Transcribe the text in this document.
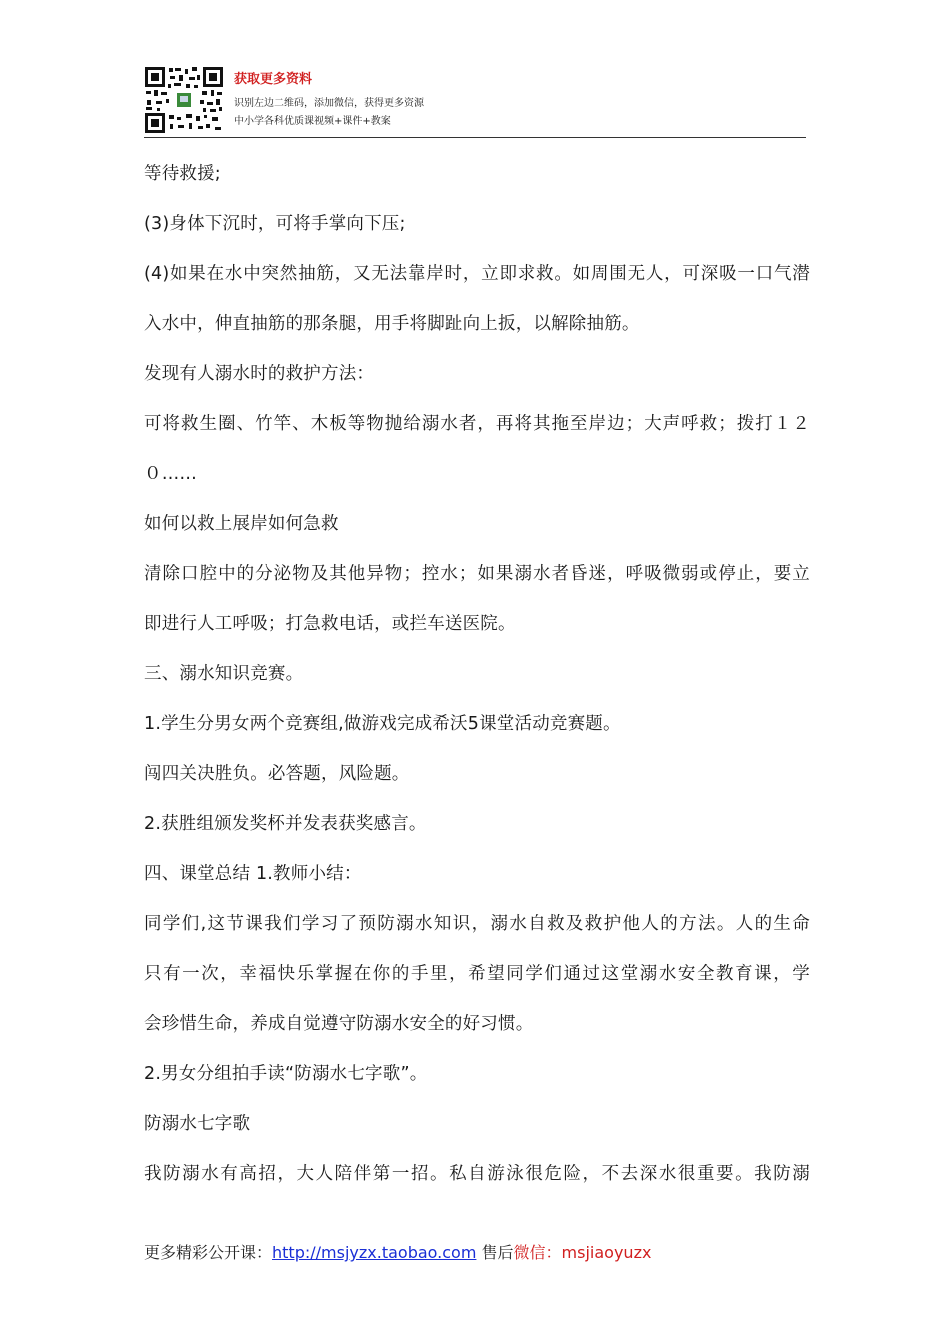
获取更多资料
识别左边二维码，添加微信，获得更多资源
中小学各科优质课视频+课件+教案
等待救援;
(3)身体下沉时，可将手掌向下压;
(4)如果在水中突然抽筋，又无法靠岸时，立即求救。如周围无人，可深吸一口气潜
入水中，伸直抽筋的那条腿，用手将脚趾向上扳，以解除抽筋。
发现有人溺水时的救护方法：
可将救生圈、竹竿、木板等物抛给溺水者，再将其拖至岸边；大声呼救；拨打１２
０……
如何以救上展岸如何急救
清除口腔中的分泌物及其他异物；控水；如果溺水者昏迷，呼吸微弱或停止，要立
即进行人工呼吸；打急救电话，或拦车送医院。
三、溺水知识竞赛。
1.学生分男女两个竞赛组,做游戏完成希沃5课堂活动竞赛题。
闯四关决胜负。必答题，风险题。
2.获胜组颁发奖杯并发表获奖感言。
四、课堂总结 1.教师小结：
同学们,这节课我们学习了预防溺水知识，溺水自救及救护他人的方法。人的生命
只有一次，幸福快乐掌握在你的手里，希望同学们通过这堂溺水安全教育课，学
会珍惜生命，养成自觉遵守防溺水安全的好习惯。
2.男女分组拍手读“防溺水七字歌”。
防溺水七字歌
我防溺水有高招，大人陪伴第一招。私自游泳很危险，不去深水很重要。我防溺
更多精彩公开课：http://msjyzx.taobao.com 售后微信：msjiaoyuzx
